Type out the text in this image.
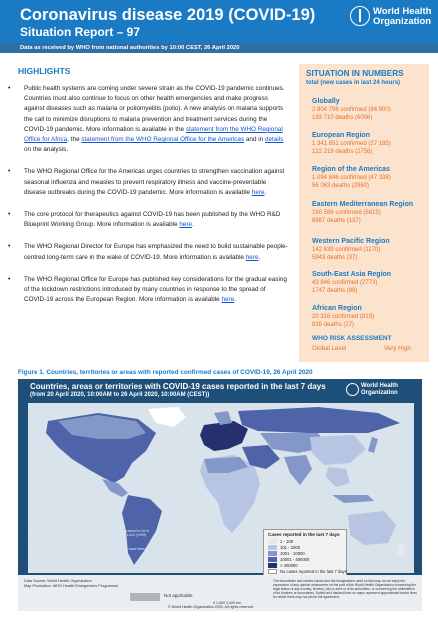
Coronavirus disease 2019 (COVID-19)
Situation Report – 97
World Health
Organization
Data as received by WHO from national authorities by 10:00 CEST, 26 April 2020
HIGHLIGHTS
• Public health systems are coming under severe strain as the COVID-19 pandemic continues. Countries must also continue to focus on other health emergencies and make progress against diseases such as malaria or poliomyelitis (polio). A new analysis on malaria supports the call to minimize disruptions to malaria prevention and treatment services during the COVID-19 pandemic. More information is available in the statement from the WHO Regional Office for Africa, the statement from the WHO Regional Office for the Americas and in details on the analysis.
• The WHO Regional Office for the Americas urges countries to strengthen vaccination against seasonal influenza and measles to prevent respiratory illness and vaccine-preventable disease outbreaks during the COVID-19 pandemic. More information is available here.
• The core protocol for therapeutics against COVID-19 has been published by the WHO R&D Blueprint Working Group. More information is available here.
• The WHO Regional Director for Europe has emphasized the need to build sustainable people-centred long-term care in the wake of COVID-19. More information is available here.
• The WHO Regional Office for Europe has published key considerations for the gradual easing of the lockdown restrictions introduced by many countries in response to the spread of COVID-19 across the European Region. More information is available here.
SITUATION IN NUMBERS
total (new cases in last 24 hours)
Globally
2 804 796 confirmed (84 900)
193 710 deaths (6006)
European Region
1 341 851 confirmed (27 185)
122 218 deaths (2756)
Region of the Americas
1 094 846 confirmed (47 338)
56 063 deaths (2960)
Eastern Mediterranean Region
160 586 confirmed (5615)
6887 deaths (137)
Western Pacific Region
142 639 confirmed (1170)
5943 deaths (37)
South-East Asia Region
43 846 confirmed (2773)
1747 deaths (89)
African Region
20 316 confirmed (819)
839 deaths (27)
WHO RISK ASSESSMENT
Global Level	Very High
Figure 1. Countries, territories or areas with reported confirmed cases of COVID-19, 26 April 2020
Countries, areas or territories with COVID-19 cases reported in the last 7 days
(from 20 April 2020, 10:00AM to 26 April 2020, 10:00AM (CEST))
World Health
Organization
Cases reported in the last 7 days
1 - 100
101 - 1000
1001 - 10000
10001 - 400000
> 400000
No cases reported in the last 7 days
[1] All references to Kosovo in this document should be understood to be in the context of the United Nations Security Council resolution 1244 (1999).
Number of cases of Serbia and Kosovo (UNSCR 1244, 1999) have been aggregated for visualization purposes.
Data Source: World Health Organization
Map Production: WHO Health Emergencies Programme
Not applicable
0 1,500 3,000 km
© World Health Organization 2020, All rights reserved.
The boundaries and names shown and the designations used on this map do not imply the expression of any opinion whatsoever on the part of the World Health Organization concerning the legal status of any country, territory, city or area or of its authorities, or concerning the delimitation of its frontiers or boundaries. Dotted and dashed lines on maps represent approximate border lines for which there may not yet be full agreement.
